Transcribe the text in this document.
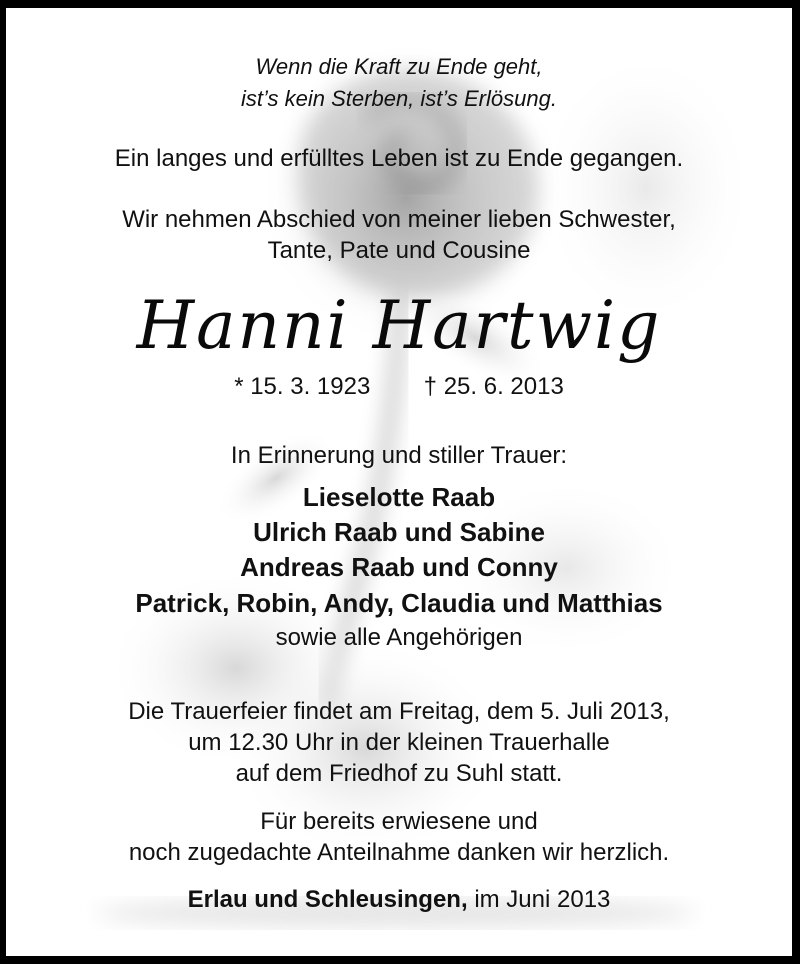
Wenn die Kraft zu Ende geht,
ist’s kein Sterben, ist’s Erlösung.
Ein langes und erfülltes Leben ist zu Ende gegangen.
Wir nehmen Abschied von meiner lieben Schwester,
Tante, Pate und Cousine
Hanni Hartwig
* 15. 3. 1923 † 25. 6. 2013
In Erinnerung und stiller Trauer:
Lieselotte Raab
Ulrich Raab und Sabine
Andreas Raab und Conny
Patrick, Robin, Andy, Claudia und Matthias
sowie alle Angehörigen
Die Trauerfeier findet am Freitag, dem 5. Juli 2013,
um 12.30 Uhr in der kleinen Trauerhalle
auf dem Friedhof zu Suhl statt.
Für bereits erwiesene und
noch zugedachte Anteilnahme danken wir herzlich.
Erlau und Schleusingen, im Juni 2013
